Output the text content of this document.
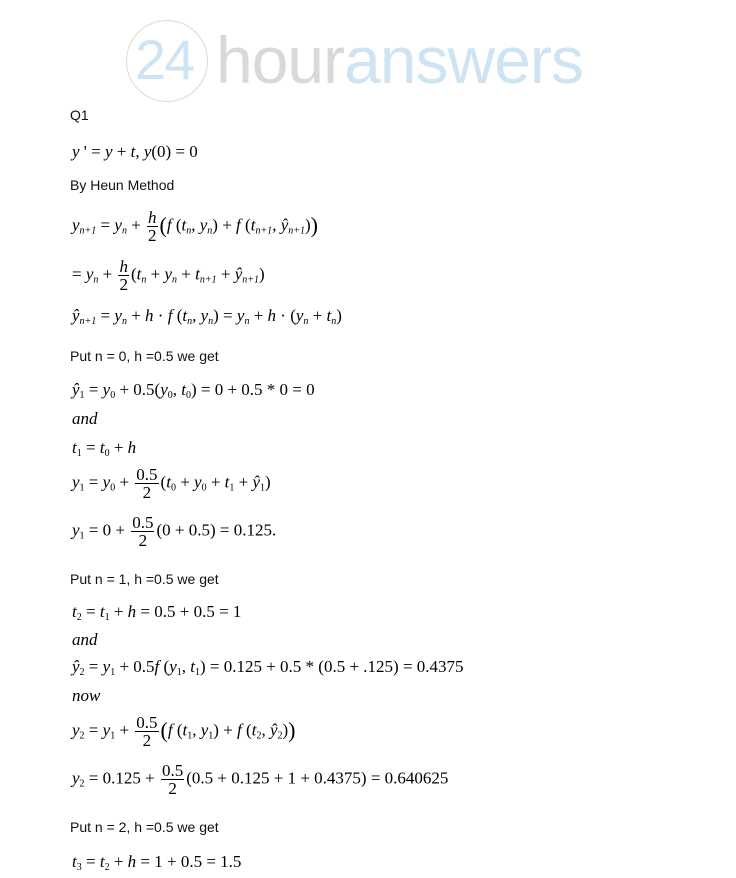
24 houranswers
Q1
y ' = y + t, y(0) = 0
By Heun Method
$y_{n+1} = y_n + \frac{h}{2} (f$ ($t_n$, $y_n) + f$ ($t_{n+1}$, $ŷ_{n+1}$))
= $y_n + \frac{h}{2} (t_n + y_n + t_{n+1}$ + $ŷ_{n+1}$)
$ŷ_{n+1} = y_n + h \cdot f$ ($t_n$, $y_n) = y_n + h \cdot (y_n + t_n)$
Put n = 0, h =0.5 we get
$ŷ_1 = y_0 + 0.5(y_0$, $t_0) = 0 + 0.5 * 0 = 0$
and
$t_1 = t_0 + h$
$y_1 = y_0 + \frac{0.5}{2} (t_0 + y_0 + t_1$ + $ŷ_1$)
$y_1 = 0 + \frac{0.5}{2} (0 + 0.5) = 0.125$.
Put n = 1, h =0.5 we get
$t_2 = t_1 + h = 0.5 + 0.5 = 1$
and
$ŷ_2 = y_1 + 0.5f$ ($y_1$, $t_1) = 0.125 + 0.5 * (0.5 + .125) = 0.4375$
now
$y_2 = y_1 + \frac{0.5}{2} (f$ ($t_1$, $y_1) + f$ ($t_2$, $ŷ_2$))
$y_2 = 0.125 + \frac{0.5}{2} (0.5 + 0.125 + 1 + 0.4375) = 0.640625$
Put n = 2, h =0.5 we get
$t_3 = t_2 + h = 1 + 0.5 = 1.5$
